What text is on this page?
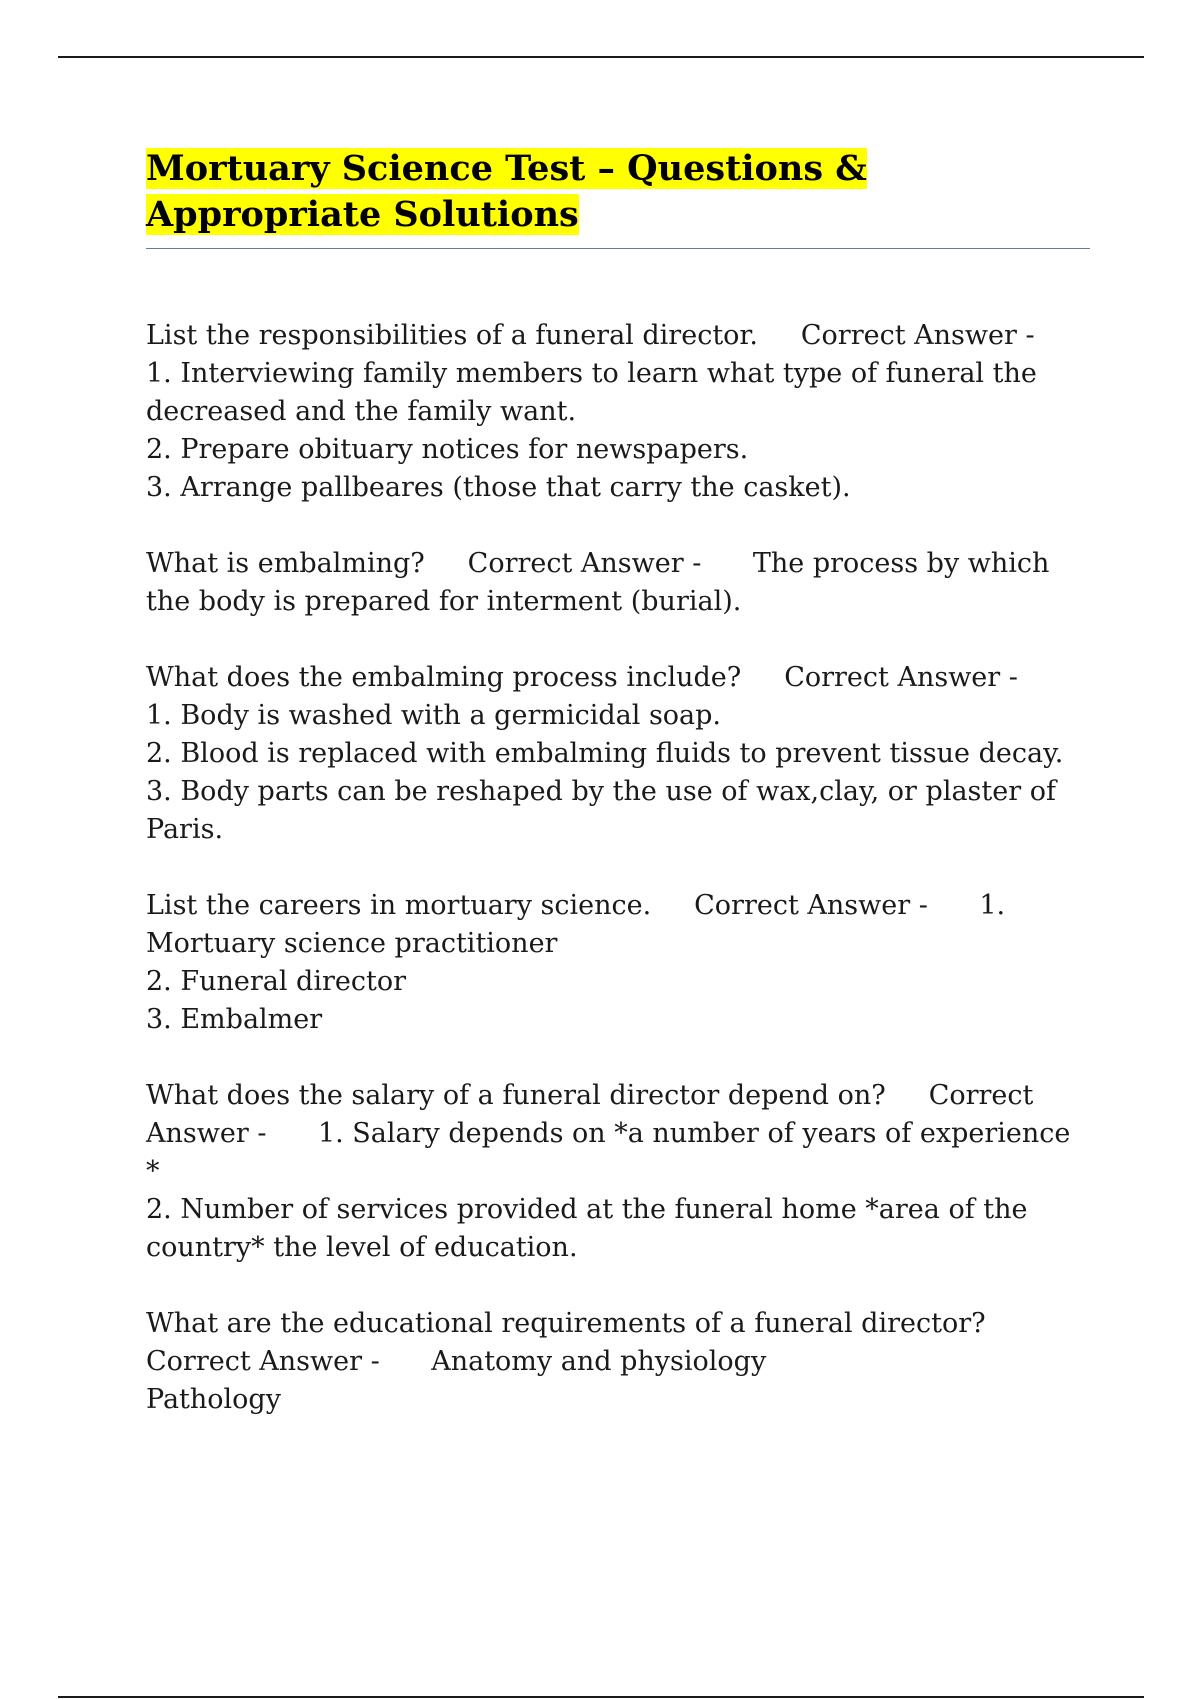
Mortuary Science Test – Questions & Appropriate Solutions
List the responsibilities of a funeral director. Correct Answer -
1. Interviewing family members to learn what type of funeral the decreased and the family want.
2. Prepare obituary notices for newspapers.
3. Arrange pallbeares (those that carry the casket).
What is embalming? Correct Answer - The process by which the body is prepared for interment (burial).
What does the embalming process include? Correct Answer -
1. Body is washed with a germicidal soap.
2. Blood is replaced with embalming fluids to prevent tissue decay.
3. Body parts can be reshaped by the use of wax,clay, or plaster of Paris.
List the careers in mortuary science. Correct Answer - 1. Mortuary science practitioner
2. Funeral director
3. Embalmer
What does the salary of a funeral director depend on? Correct Answer - 1. Salary depends on *a number of years of experience *
2. Number of services provided at the funeral home *area of the country* the level of education.
What are the educational requirements of a funeral director?
Correct Answer - Anatomy and physiology
Pathology
